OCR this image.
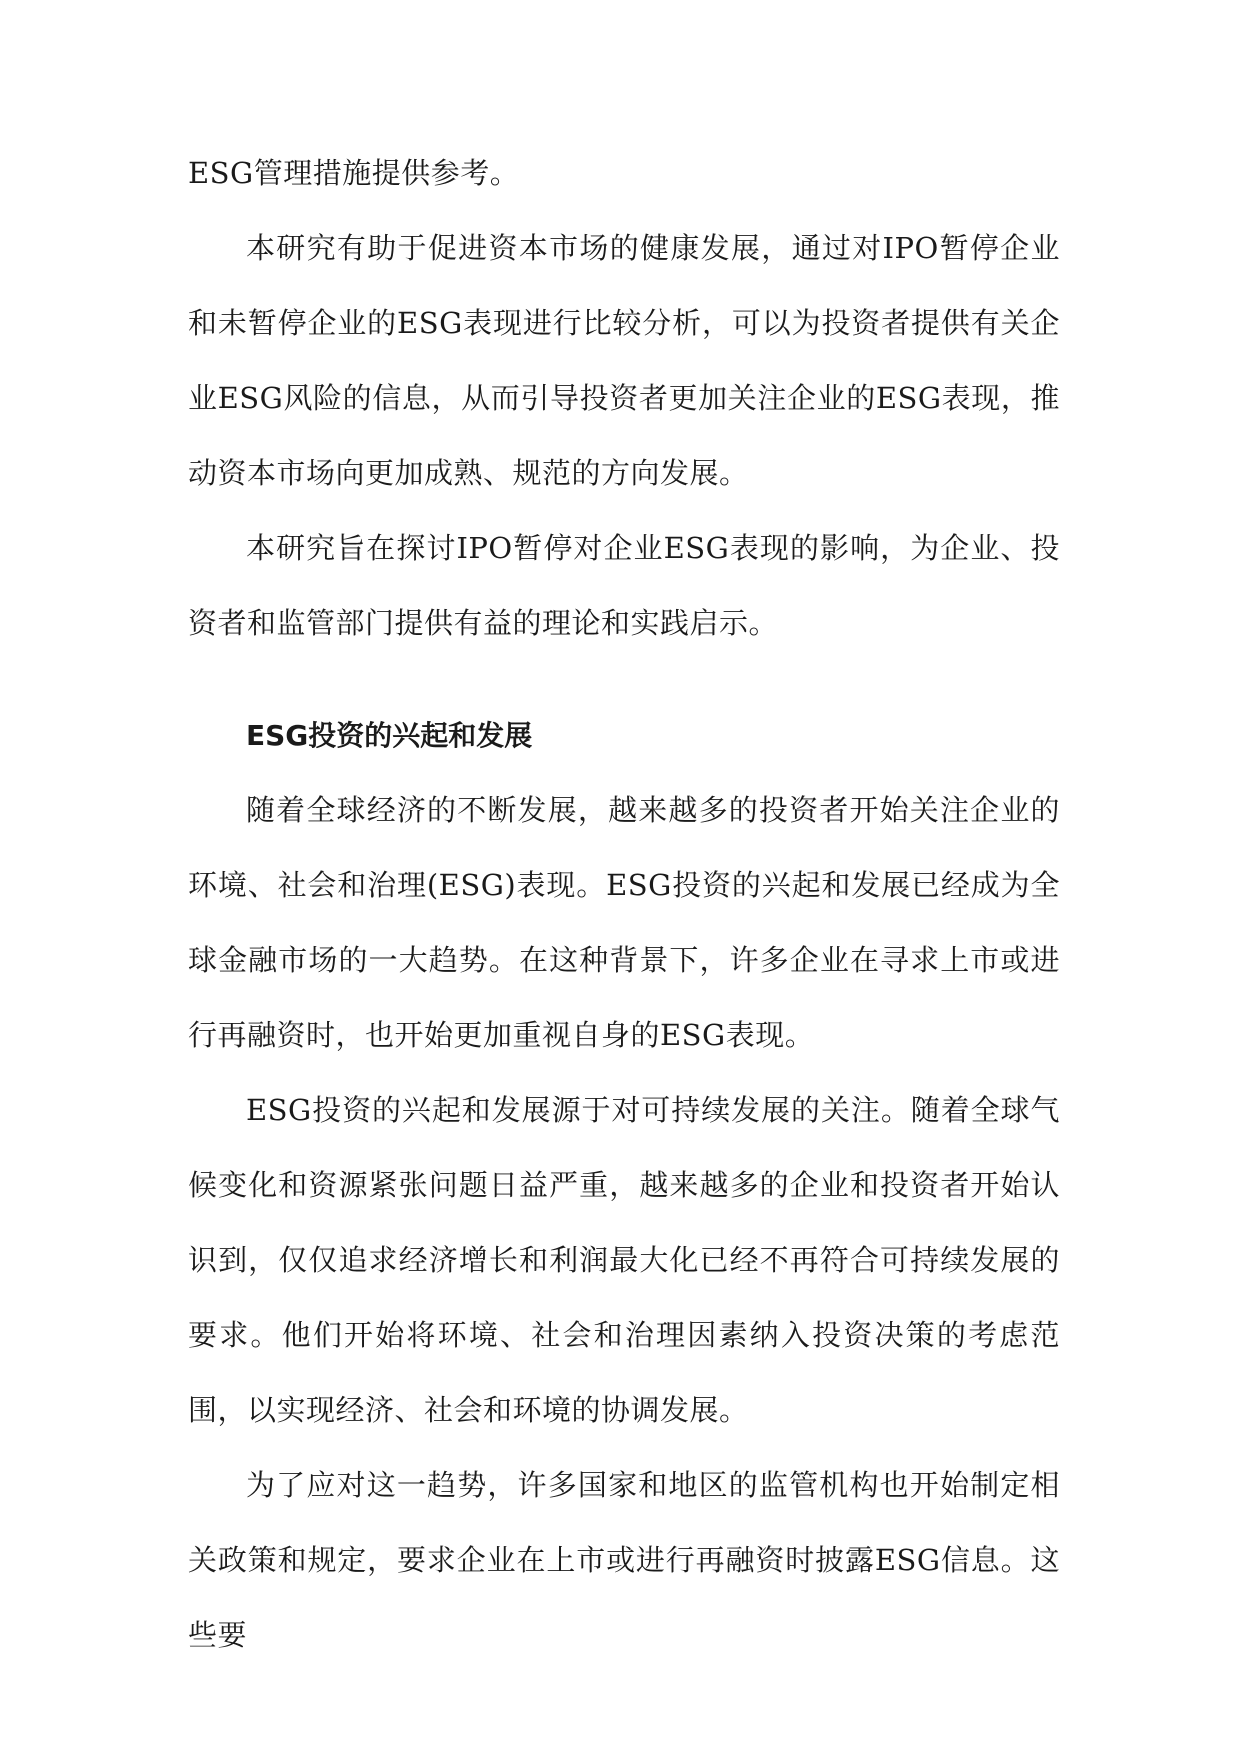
ESG管理措施提供参考。

本研究有助于促进资本市场的健康发展，通过对IPO暂停企业和未暂停企业的ESG表现进行比较分析，可以为投资者提供有关企业ESG风险的信息，从而引导投资者更加关注企业的ESG表现，推动资本市场向更加成熟、规范的方向发展。

本研究旨在探讨IPO暂停对企业ESG表现的影响，为企业、投资者和监管部门提供有益的理论和实践启示。

ESG投资的兴起和发展

随着全球经济的不断发展，越来越多的投资者开始关注企业的环境、社会和治理(ESG)表现。ESG投资的兴起和发展已经成为全球金融市场的一大趋势。在这种背景下，许多企业在寻求上市或进行再融资时，也开始更加重视自身的ESG表现。

ESG投资的兴起和发展源于对可持续发展的关注。随着全球气候变化和资源紧张问题日益严重，越来越多的企业和投资者开始认识到，仅仅追求经济增长和利润最大化已经不再符合可持续发展的要求。他们开始将环境、社会和治理因素纳入投资决策的考虑范围，以实现经济、社会和环境的协调发展。

为了应对这一趋势，许多国家和地区的监管机构也开始制定相关政策和规定，要求企业在上市或进行再融资时披露ESG信息。这些要
